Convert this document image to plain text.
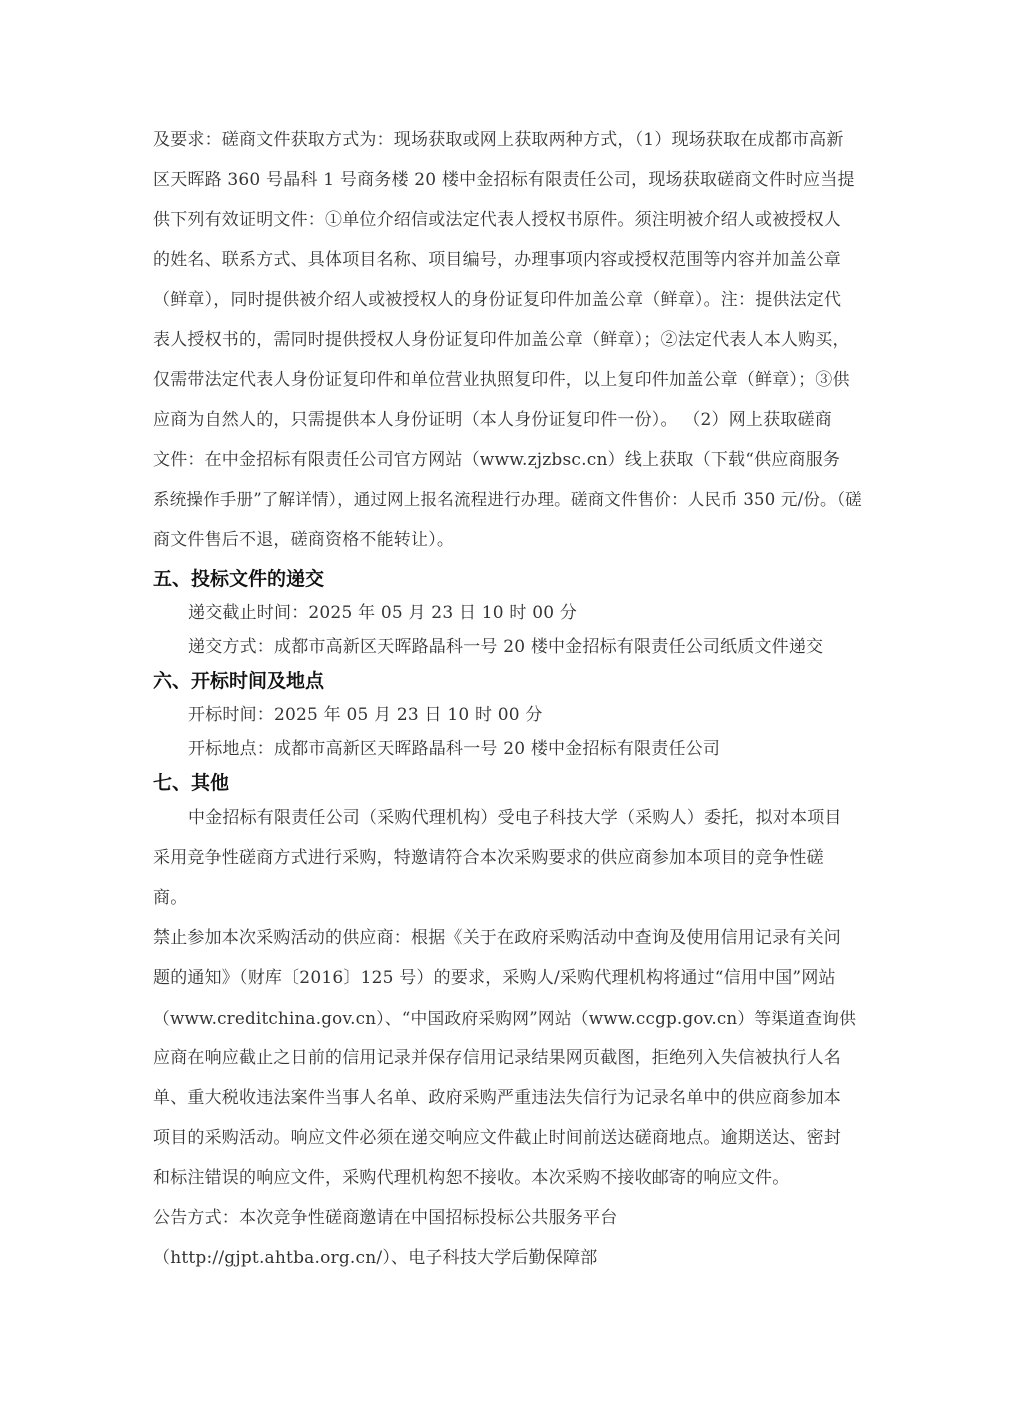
及要求：磋商文件获取方式为：现场获取或网上获取两种方式，（1）现场获取在成都市高新
区天晖路 360 号晶科 1 号商务楼 20 楼中金招标有限责任公司，现场获取磋商文件时应当提
供下列有效证明文件：①单位介绍信或法定代表人授权书原件。须注明被介绍人或被授权人
的姓名、联系方式、具体项目名称、项目编号，办理事项内容或授权范围等内容并加盖公章
（鲜章），同时提供被介绍人或被授权人的身份证复印件加盖公章（鲜章）。注：提供法定代
表人授权书的，需同时提供授权人身份证复印件加盖公章（鲜章）；②法定代表人本人购买，
仅需带法定代表人身份证复印件和单位营业执照复印件，以上复印件加盖公章（鲜章）；③供
应商为自然人的，只需提供本人身份证明（本人身份证复印件一份）。 （2）网上获取磋商
文件：在中金招标有限责任公司官方网站（www.zjzbsc.cn）线上获取（下载“供应商服务
系统操作手册”了解详情），通过网上报名流程进行办理。磋商文件售价：人民币 350 元/份。（磋
商文件售后不退，磋商资格不能转让）。
五、投标文件的递交
递交截止时间：2025 年 05 月 23 日 10 时 00 分
递交方式：成都市高新区天晖路晶科一号 20 楼中金招标有限责任公司纸质文件递交
六、开标时间及地点
开标时间：2025 年 05 月 23 日 10 时 00 分
开标地点：成都市高新区天晖路晶科一号 20 楼中金招标有限责任公司
七、其他
中金招标有限责任公司（采购代理机构）受电子科技大学（采购人）委托，拟对本项目
采用竞争性磋商方式进行采购，特邀请符合本次采购要求的供应商参加本项目的竞争性磋
商。
禁止参加本次采购活动的供应商：根据《关于在政府采购活动中查询及使用信用记录有关问
题的通知》（财库〔2016〕125 号）的要求，采购人/采购代理机构将通过“信用中国”网站
（www.creditchina.gov.cn）、“中国政府采购网”网站（www.ccgp.gov.cn）等渠道查询供
应商在响应截止之日前的信用记录并保存信用记录结果网页截图，拒绝列入失信被执行人名
单、重大税收违法案件当事人名单、政府采购严重违法失信行为记录名单中的供应商参加本
项目的采购活动。响应文件必须在递交响应文件截止时间前送达磋商地点。逾期送达、密封
和标注错误的响应文件，采购代理机构恕不接收。本次采购不接收邮寄的响应文件。
公告方式：本次竞争性磋商邀请在中国招标投标公共服务平台
（http://gjpt.ahtba.org.cn/）、电子科技大学后勤保障部
